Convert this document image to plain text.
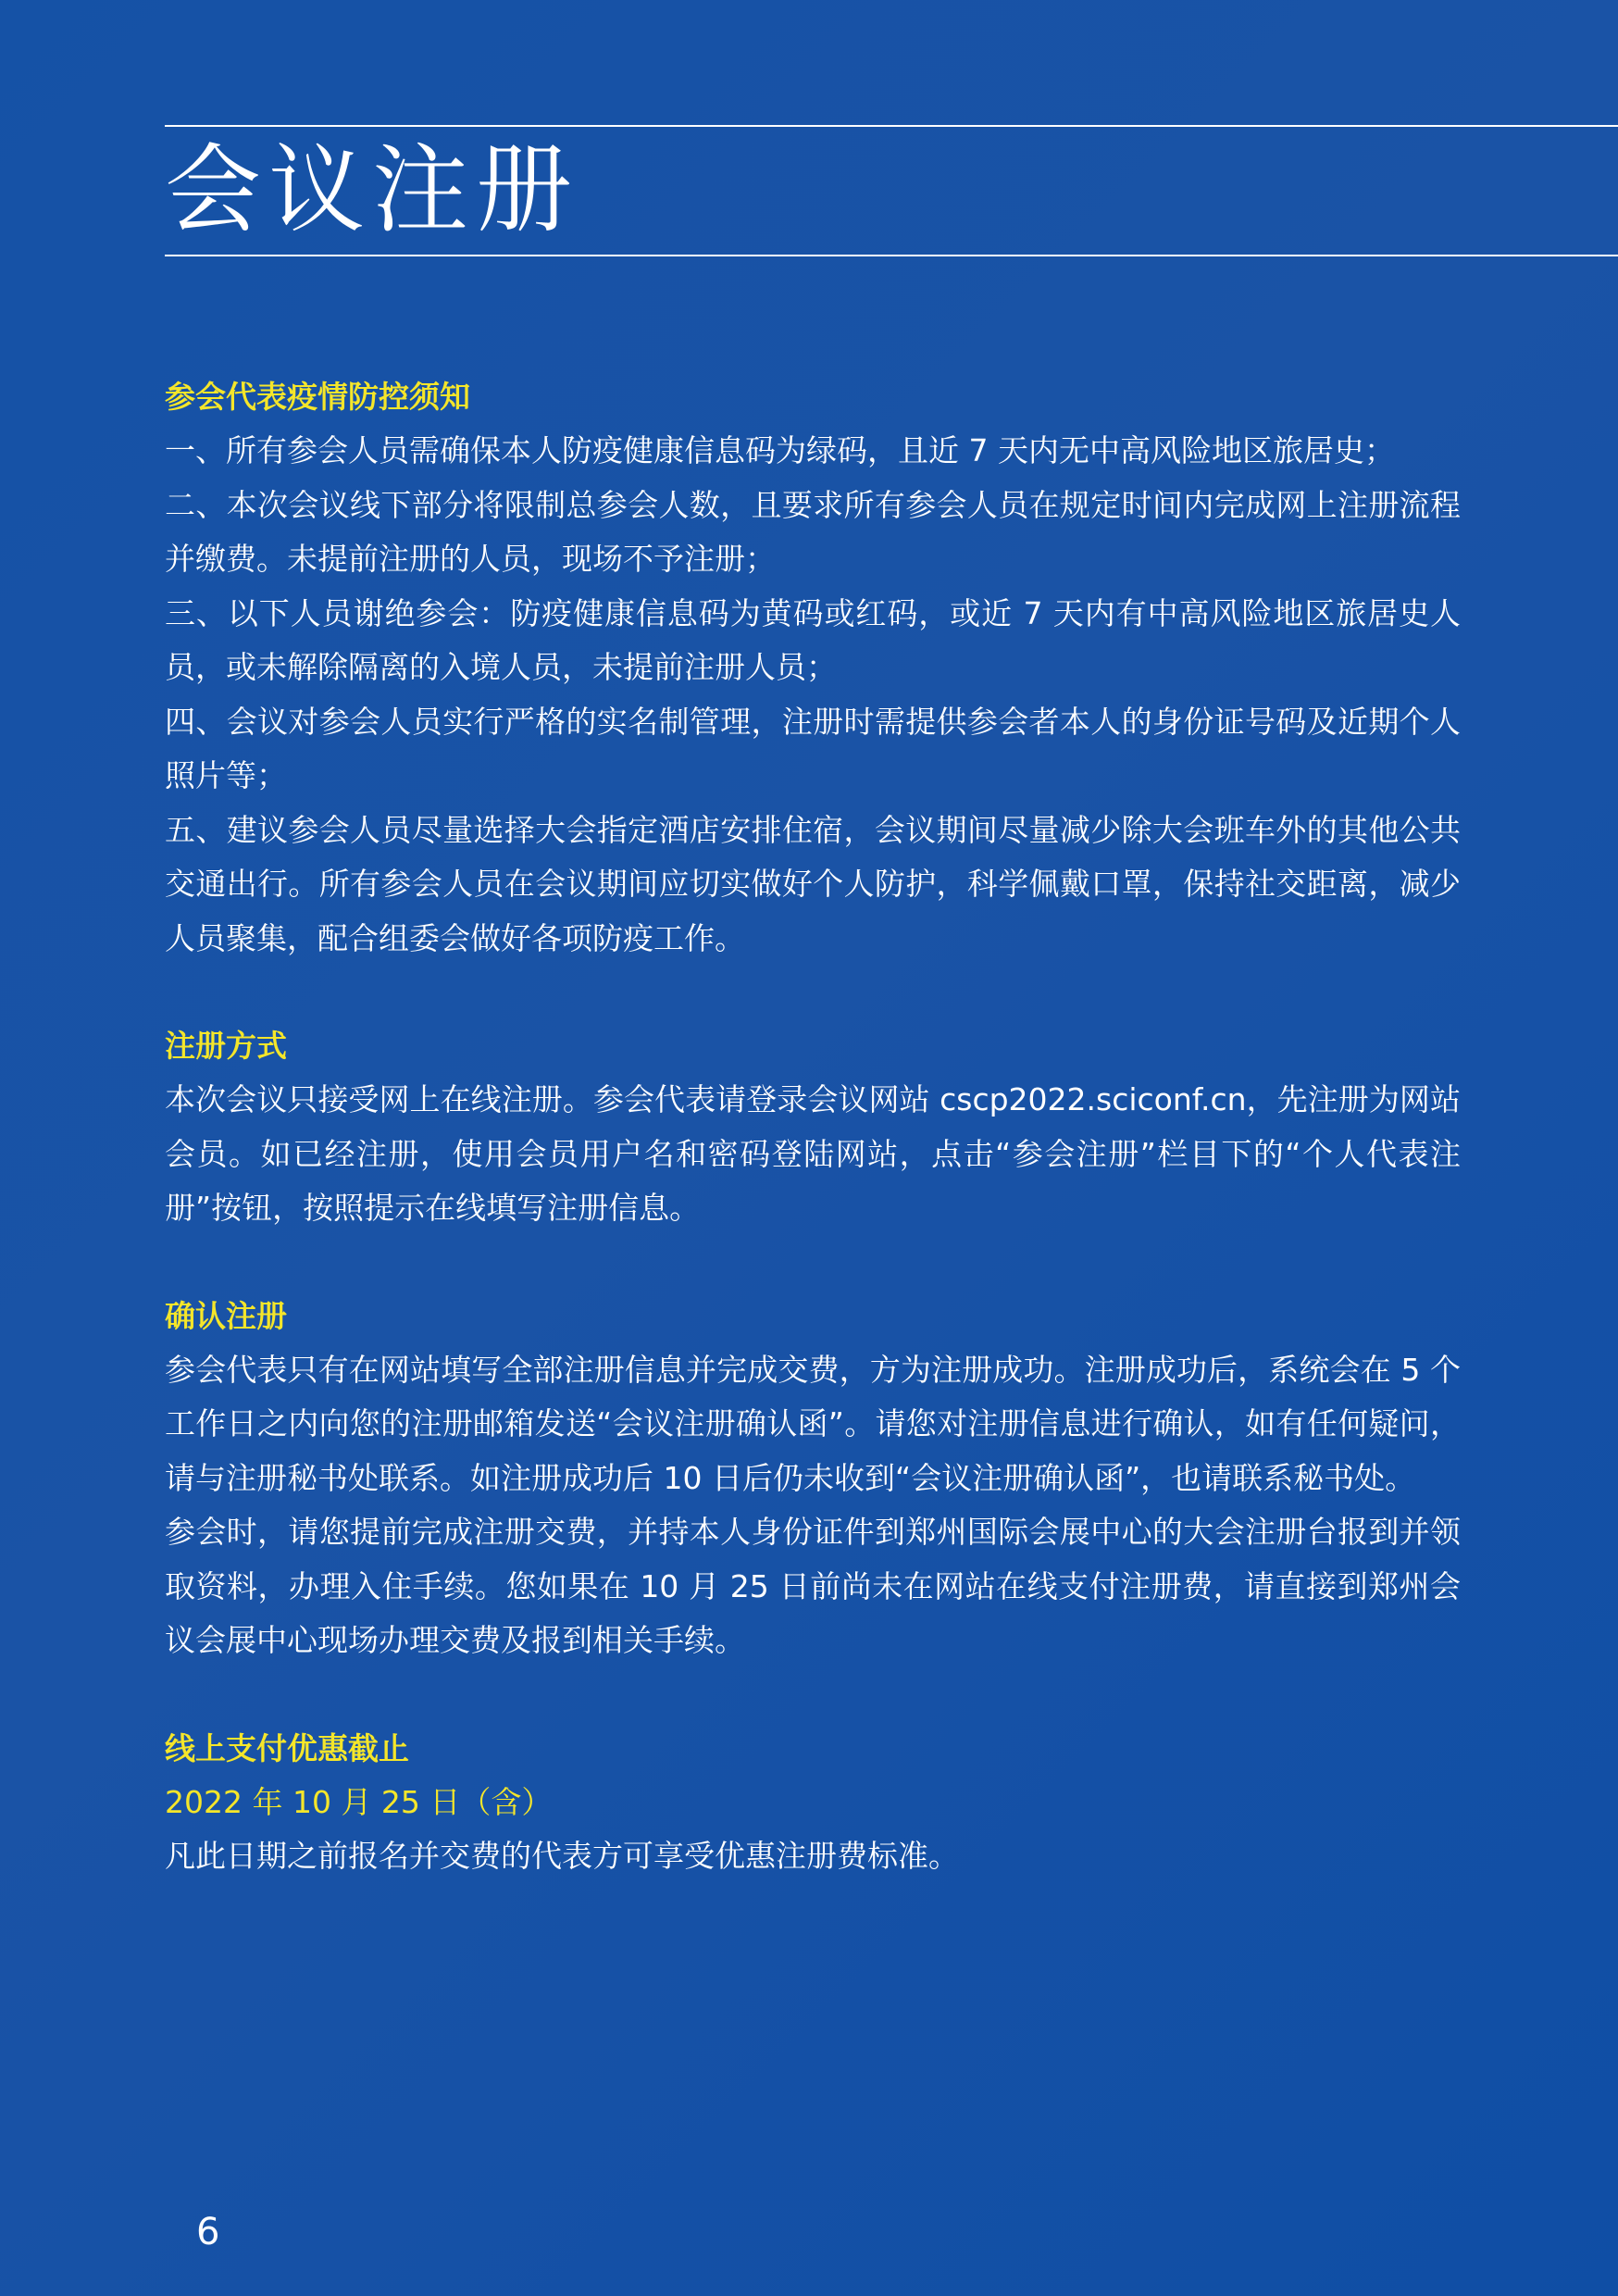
会议注册
参会代表疫情防控须知

一、所有参会人员需确保本人防疫健康信息码为绿码，且近 7 天内无中高风险地区旅居史；

二、本次会议线下部分将限制总参会人数，且要求所有参会人员在规定时间内完成网上注册流程并缴费。未提前注册的人员，现场不予注册；

三、以下人员谢绝参会：防疫健康信息码为黄码或红码，或近 7 天内有中高风险地区旅居史人员，或未解除隔离的入境人员，未提前注册人员；

四、会议对参会人员实行严格的实名制管理，注册时需提供参会者本人的身份证号码及近期个人照片等；

五、建议参会人员尽量选择大会指定酒店安排住宿，会议期间尽量减少除大会班车外的其他公共交通出行。所有参会人员在会议期间应切实做好个人防护，科学佩戴口罩，保持社交距离，减少人员聚集，配合组委会做好各项防疫工作。

注册方式

本次会议只接受网上在线注册。参会代表请登录会议网站 cscp2022.sciconf.cn，先注册为网站会员。如已经注册，使用会员用户名和密码登陆网站，点击“参会注册”栏目下的“个人代表注册”按钮，按照提示在线填写注册信息。

确认注册

参会代表只有在网站填写全部注册信息并完成交费，方为注册成功。注册成功后，系统会在 5 个工作日之内向您的注册邮箱发送“会议注册确认函”。请您对注册信息进行确认，如有任何疑问，请与注册秘书处联系。如注册成功后 10 日后仍未收到“会议注册确认函”，也请联系秘书处。

参会时，请您提前完成注册交费，并持本人身份证件到郑州国际会展中心的大会注册台报到并领取资料，办理入住手续。您如果在 10 月 25 日前尚未在网站在线支付注册费，请直接到郑州会议会展中心现场办理交费及报到相关手续。

线上支付优惠截止
2022 年 10 月 25 日（含）

凡此日期之前报名并交费的代表方可享受优惠注册费标准。

6
